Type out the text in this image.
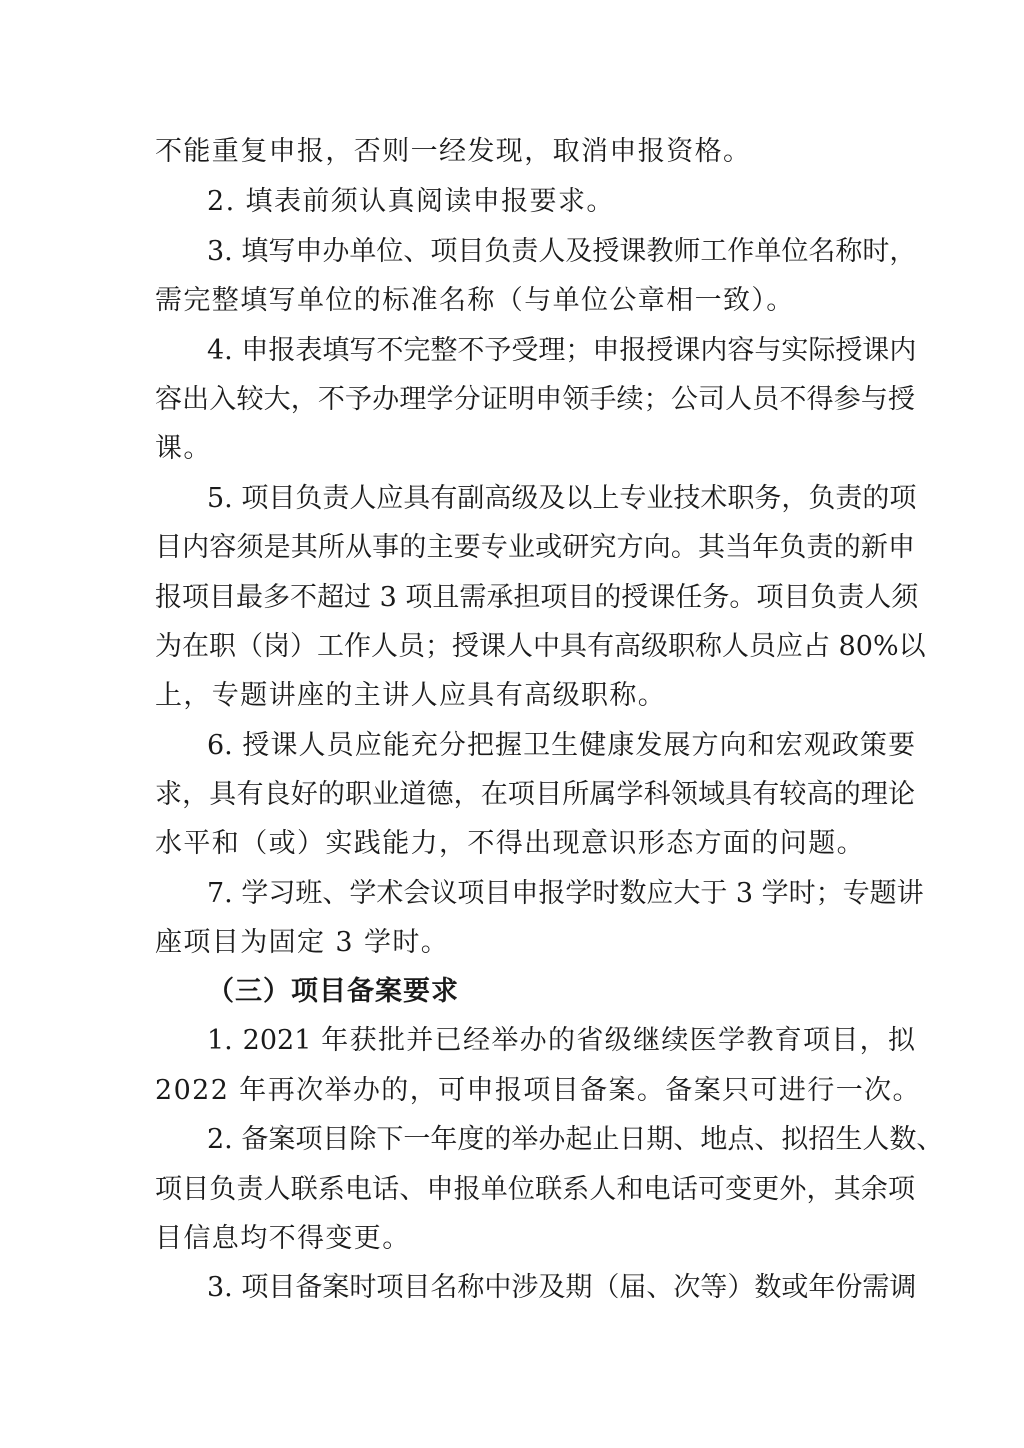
不能重复申报，否则一经发现，取消申报资格。
2. 填表前须认真阅读申报要求。
3. 填写申办单位、项目负责人及授课教师工作单位名称时，
需完整填写单位的标准名称（与单位公章相一致）。
4. 申报表填写不完整不予受理；申报授课内容与实际授课内
容出入较大，不予办理学分证明申领手续；公司人员不得参与授
课。
5. 项目负责人应具有副高级及以上专业技术职务，负责的项
目内容须是其所从事的主要专业或研究方向。其当年负责的新申
报项目最多不超过 3 项且需承担项目的授课任务。项目负责人须
为在职（岗）工作人员；授课人中具有高级职称人员应占 80%以
上，专题讲座的主讲人应具有高级职称。
6. 授课人员应能充分把握卫生健康发展方向和宏观政策要
求，具有良好的职业道德，在项目所属学科领域具有较高的理论
水平和（或）实践能力，不得出现意识形态方面的问题。
7. 学习班、学术会议项目申报学时数应大于 3 学时；专题讲
座项目为固定 3 学时。
（三）项目备案要求
1. 2021 年获批并已经举办的省级继续医学教育项目，拟
2022 年再次举办的，可申报项目备案。备案只可进行一次。
2. 备案项目除下一年度的举办起止日期、地点、拟招生人数、
项目负责人联系电话、申报单位联系人和电话可变更外，其余项
目信息均不得变更。
3. 项目备案时项目名称中涉及期（届、次等）数或年份需调
